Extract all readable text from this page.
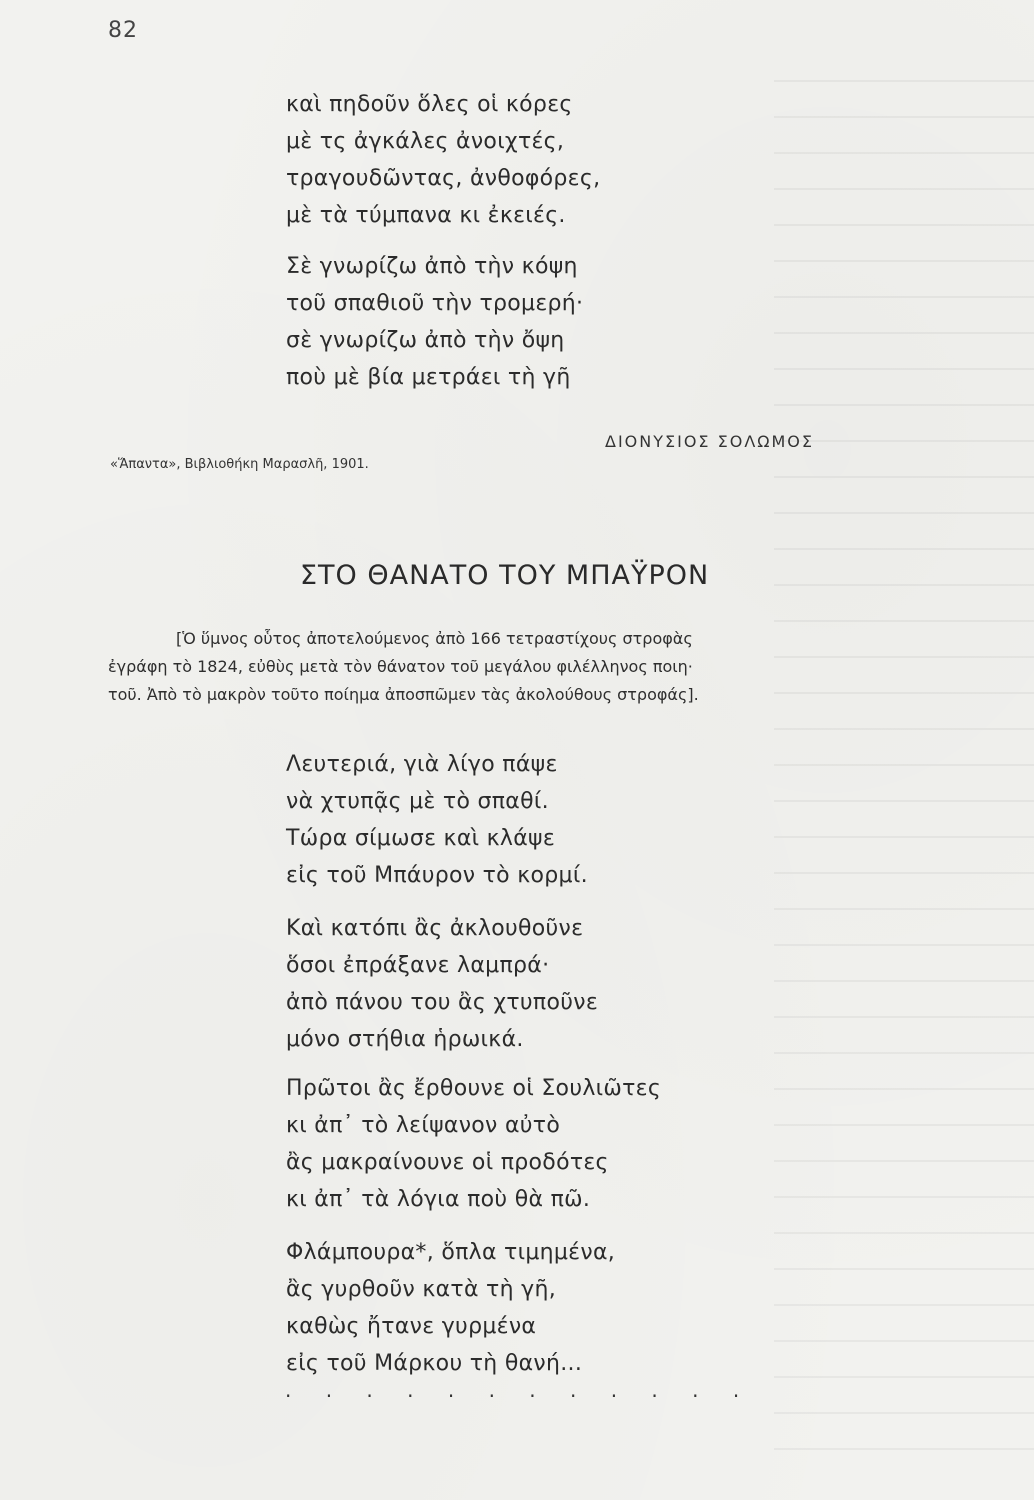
82
καὶ πηδοῦν ὅλες οἱ κόρες
μὲ τς ἀγκάλες ἀνοιχτές,
τραγουδῶντας, ἀνθοφόρες,
μὲ τὰ τύμπανα κι ἐκειές.
Σὲ γνωρίζω ἀπὸ τὴν κόψη
τοῦ σπαθιοῦ τὴν τρομερή·
σὲ γνωρίζω ἀπὸ τὴν ὄψη
ποὺ μὲ βία μετράει τὴ γῆ
ΔΙΟΝΥΣΙΟΣ ΣΟΛΩΜΟΣ
«Ἅπαντα», Βιβλιοθήκη Μαρασλῆ, 1901.
ΣΤΟ ΘΑΝΑΤΟ ΤΟΥ ΜΠΑΫΡΟΝ
[Ὁ ὕμνος οὗτος ἀποτελούμενος ἀπὸ 166 τετραστίχους στροφὰς
ἐγράφη τὸ 1824, εὐθὺς μετὰ τὸν θάνατον τοῦ μεγάλου φιλέλληνος ποιη·
τοῦ. Ἀπὸ τὸ μακρὸν τοῦτο ποίημα ἀποσπῶμεν τὰς ἀκολούθους στροφάς].
Λευτεριά, γιὰ λίγο πάψε
νὰ χτυπᾷς μὲ τὸ σπαθί.
Τώρα σίμωσε καὶ κλάψε
εἰς τοῦ Μπάυρον τὸ κορμί.
Καὶ κατόπι ἂς ἀκλουθοῦνε
ὅσοι ἐπράξανε λαμπρά·
ἀπὸ πάνου του ἂς χτυποῦνε
μόνο στήθια ἡρωικά.
Πρῶτοι ἂς ἔρθουνε οἱ Σουλιῶτες
κι ἀπ᾽ τὸ λείψανον αὐτὸ
ἂς μακραίνουνε οἱ προδότες
κι ἀπ᾽ τὰ λόγια ποὺ θὰ πῶ.
Φλάμπουρα*, ὅπλα τιμημένα,
ἂς γυρθοῦν κατὰ τὴ γῆ,
καθὼς ἤτανε γυρμένα
εἰς τοῦ Μάρκου τὴ θανή...
. . . . . . . . . . . .
